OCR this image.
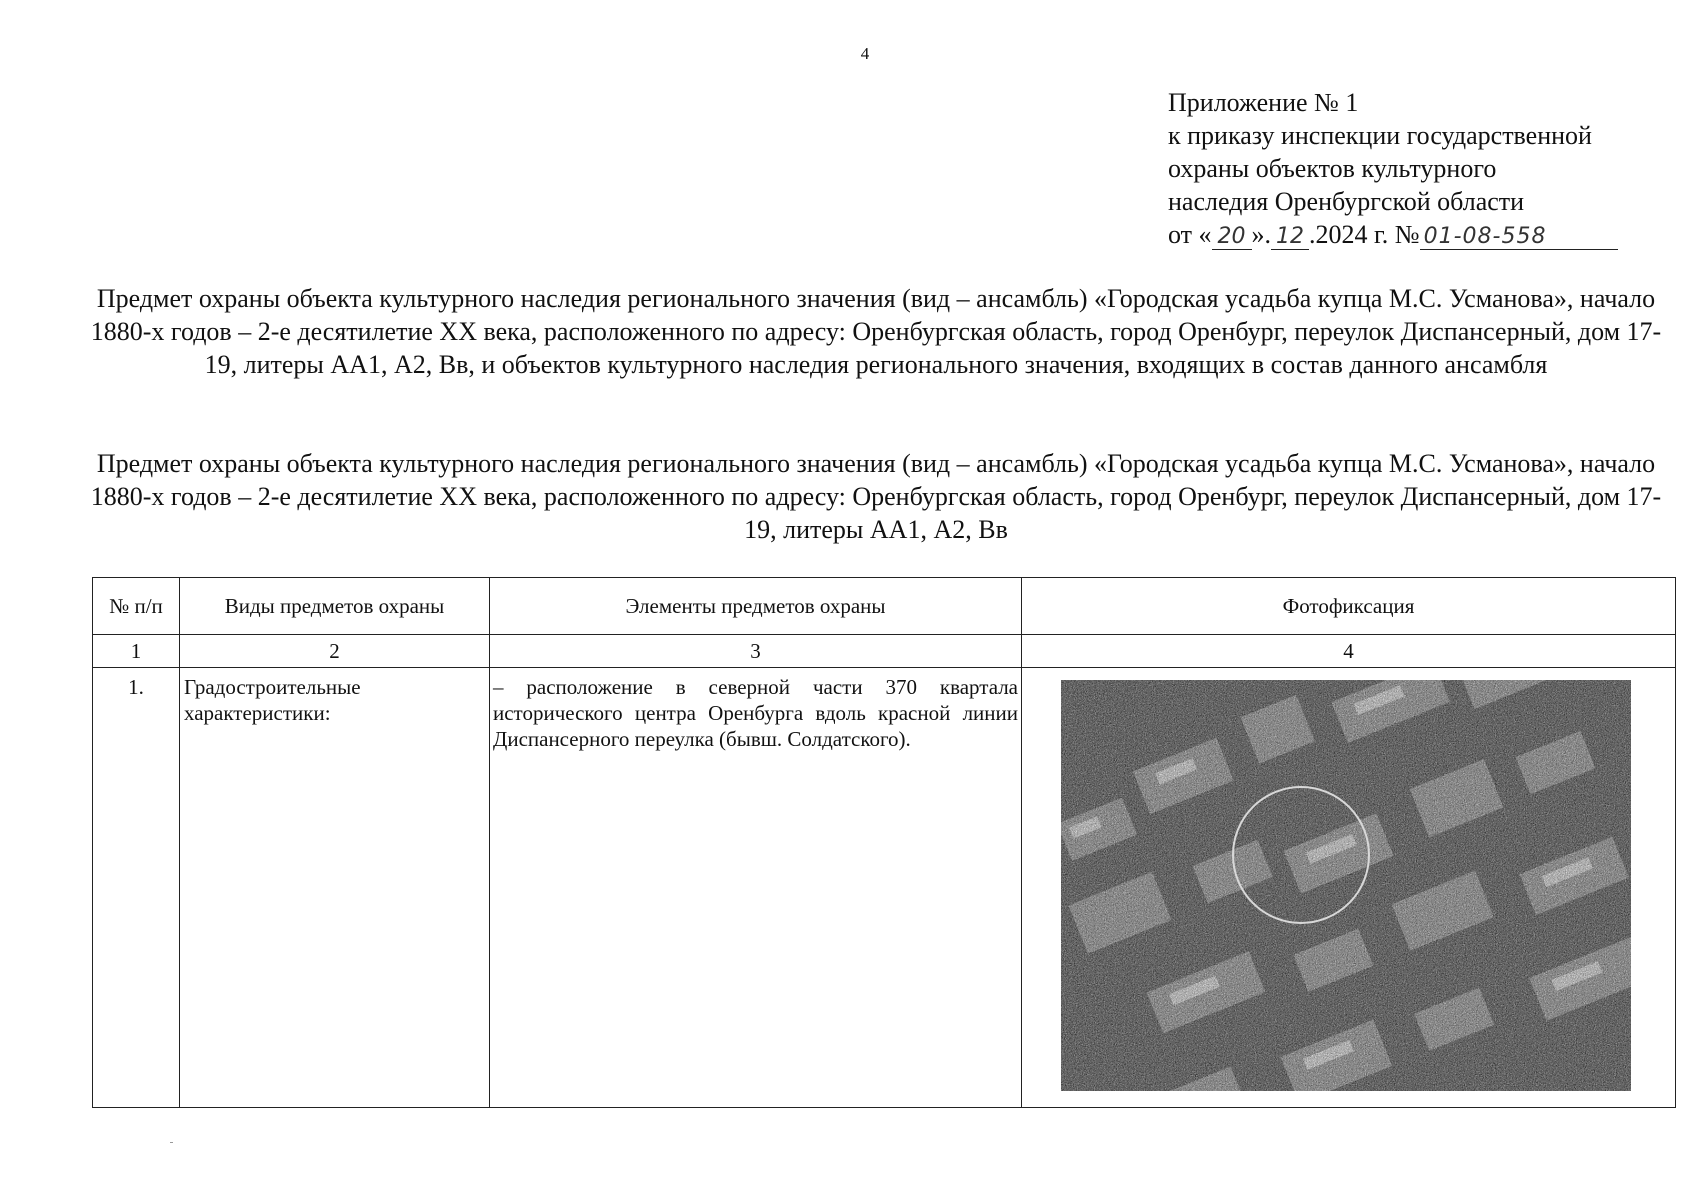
4
Приложение № 1
к приказу инспекции государственной
охраны объектов культурного
наследия Оренбургской области
от « 20 ». 12 .2024 г. № 01-08-558
Предмет охраны объекта культурного наследия регионального значения (вид – ансамбль) «Городская усадьба купца М.С. Усманова», начало 1880-х годов – 2-е десятилетие XX века, расположенного по адресу: Оренбургская область, город Оренбург, переулок Диспансерный, дом 17-19, литеры АА1, А2, Вв, и объектов культурного наследия регионального значения, входящих в состав данного ансамбля
Предмет охраны объекта культурного наследия регионального значения (вид – ансамбль) «Городская усадьба купца М.С. Усманова», начало 1880-х годов – 2-е десятилетие XX века, расположенного по адресу: Оренбургская область, город Оренбург, переулок Диспансерный, дом 17-19, литеры АА1, А2, Вв
№ п/п	Виды предметов охраны	Элементы предметов охраны	Фотофиксация
1	2	3	4
1.	Градостроительные характеристики:	– расположение в северной части 370 квартала исторического центра Оренбурга вдоль красной линии Диспансерного переулка (бывш. Солдатского).	
